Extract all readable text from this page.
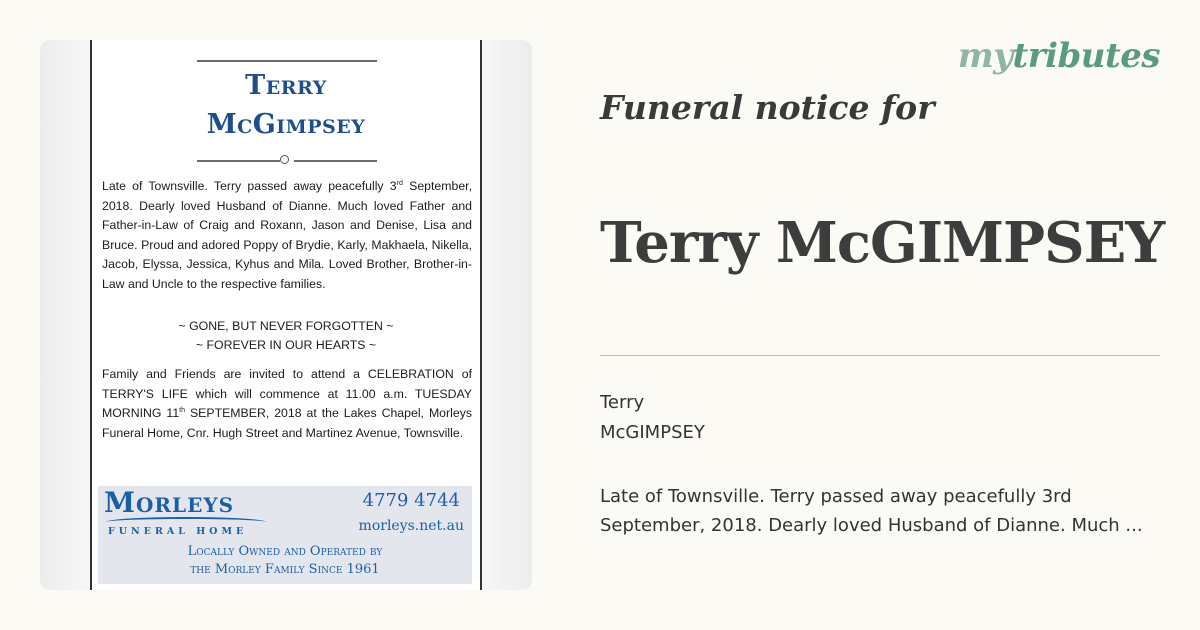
Terry
McGimpsey

Late of Townsville. Terry passed away peacefully 3rd September, 2018. Dearly loved Husband of Dianne. Much loved Father and Father-in-Law of Craig and Roxann, Jason and Denise, Lisa and Bruce. Proud and adored Poppy of Brydie, Karly, Makhaela, Nikella, Jacob, Elyssa, Jessica, Kyhus and Mila. Loved Brother, Brother-in-Law and Uncle to the respective families.

~ GONE, BUT NEVER FORGOTTEN ~

~ FOREVER IN OUR HEARTS ~

Family and Friends are invited to attend a CELEBRATION of TERRY'S LIFE which will commence at 11.00 a.m. TUESDAY MORNING 11th SEPTEMBER, 2018 at the Lakes Chapel, Morleys Funeral Home, Cnr. Hugh Street and Martinez Avenue, Townsville.

Morleys
FUNERAL HOME
4779 4744
morleys.net.au

Locally Owned and Operated by

the Morley Family Since 1961

mytributes
Funeral notice for
Terry McGIMPSEY

Terry

McGIMPSEY

Late of Townsville. Terry passed away peacefully 3rd September, 2018. Dearly loved Husband of Dianne. Much ...
